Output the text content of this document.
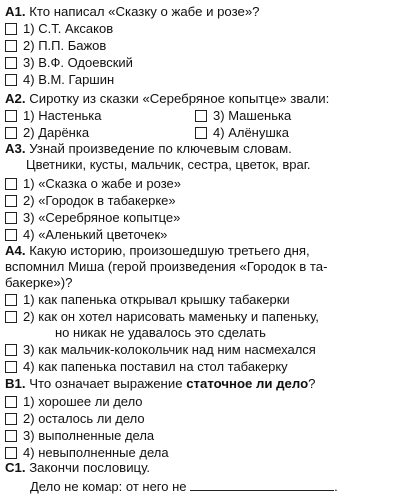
А1. Кто написал «Сказку о жабе и розе»?
1) С.Т. Аксаков
2) П.П. Бажов
3) В.Ф. Одоевский
4) В.М. Гаршин
А2. Сиротку из сказки «Серебряное копытце» звали:
1) Настенька
2) Дарёнка
3) Машенька
4) Алёнушка
А3. Узнай произведение по ключевым словам.
Цветники, кусты, мальчик, сестра, цветок, враг.
1) «Сказка о жабе и розе»
2) «Городок в табакерке»
3) «Серебряное копытце»
4) «Аленький цветочек»
А4. Какую историю, произошедшую третьего дня,
вспомнил Миша (герой произведения «Городок в та-
бакерке»)?
1) как папенька открывал крышку табакерки
2) как он хотел нарисовать маменьку и папеньку,
но никак не удавалось это сделать
3) как мальчик-колокольчик над ним насмехался
4) как папенька поставил на стол табакерку
В1. Что означает выражение статочное ли дело?
1) хорошее ли дело
2) осталось ли дело
3) выполненные дела
4) невыполненные дела
С1. Закончи пословицу.
Дело не комар: от него не	.
